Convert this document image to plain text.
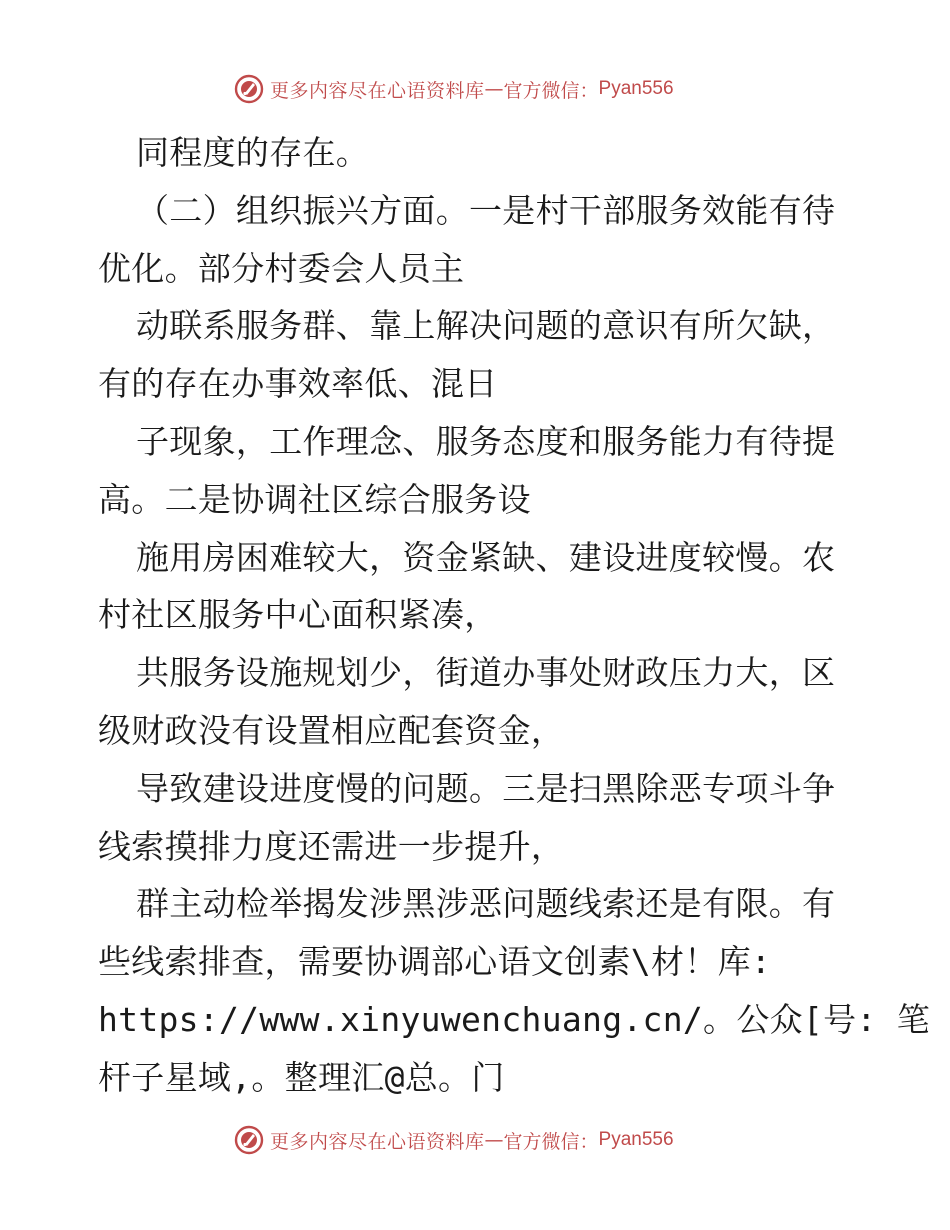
更多内容尽在心语资料库 — 官方微信： Pyan556
同程度的存在。
（二）组织振兴方面。一是村干部服务效能有待
优化。部分村委会人员主
动联系服务群、靠上解决问题的意识有所欠缺，
有的存在办事效率低、混日
子现象，工作理念、服务态度和服务能力有待提
高。二是协调社区综合服务设
施用房困难较大，资金紧缺、建设进度较慢。农
村社区服务中心面积紧凑，
共服务设施规划少，街道办事处财政压力大，区
级财政没有设置相应配套资金，
导致建设进度慢的问题。三是扫黑除恶专项斗争
线索摸排力度还需进一步提升，
群主动检举揭发涉黑涉恶问题线索还是有限。有
些线索排查，需要协调部心语文创素\材！库:
https://www.xinyuwenchuang.cn/。公众[号: 笔
杆子星域,。整理汇@总。门
更多内容尽在心语资料库 — 官方微信： Pyan556
